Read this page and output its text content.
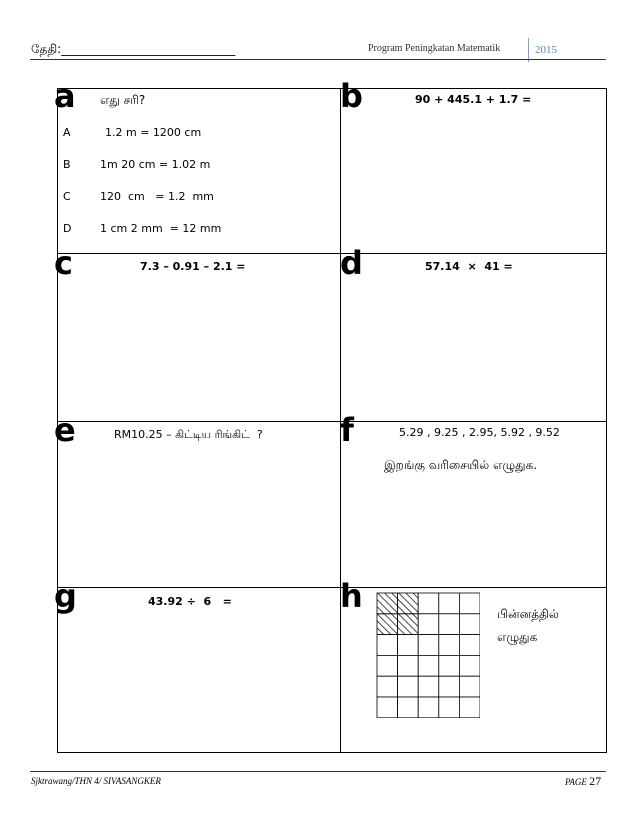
தேதி:_____________________________	Program Peningkatan Matematik	2015
a எது சரி?
A	1.2 m = 1200 cm
B	1m 20 cm = 1.02 m
C	120  cm   = 1.2  mm
D	1 cm 2 mm  = 12 mm
b	90 + 445.1 + 1.7 =
c	7.3 – 0.91 – 2.1 =	d	57.14  ×  41 =
e	RM10.25 – கிட்டிய ரிங்கிட்  ? f	5.29 , 9.25 , 2.95, 5.92 , 9.52
இறங்கு வரிசையில் எழுதுக.
g	43.92 ÷  6   =	h	பின்னத்தில்
எழுதுக
Sjktrawang/THN 4/ SIVASANGKER	PAGE 27
